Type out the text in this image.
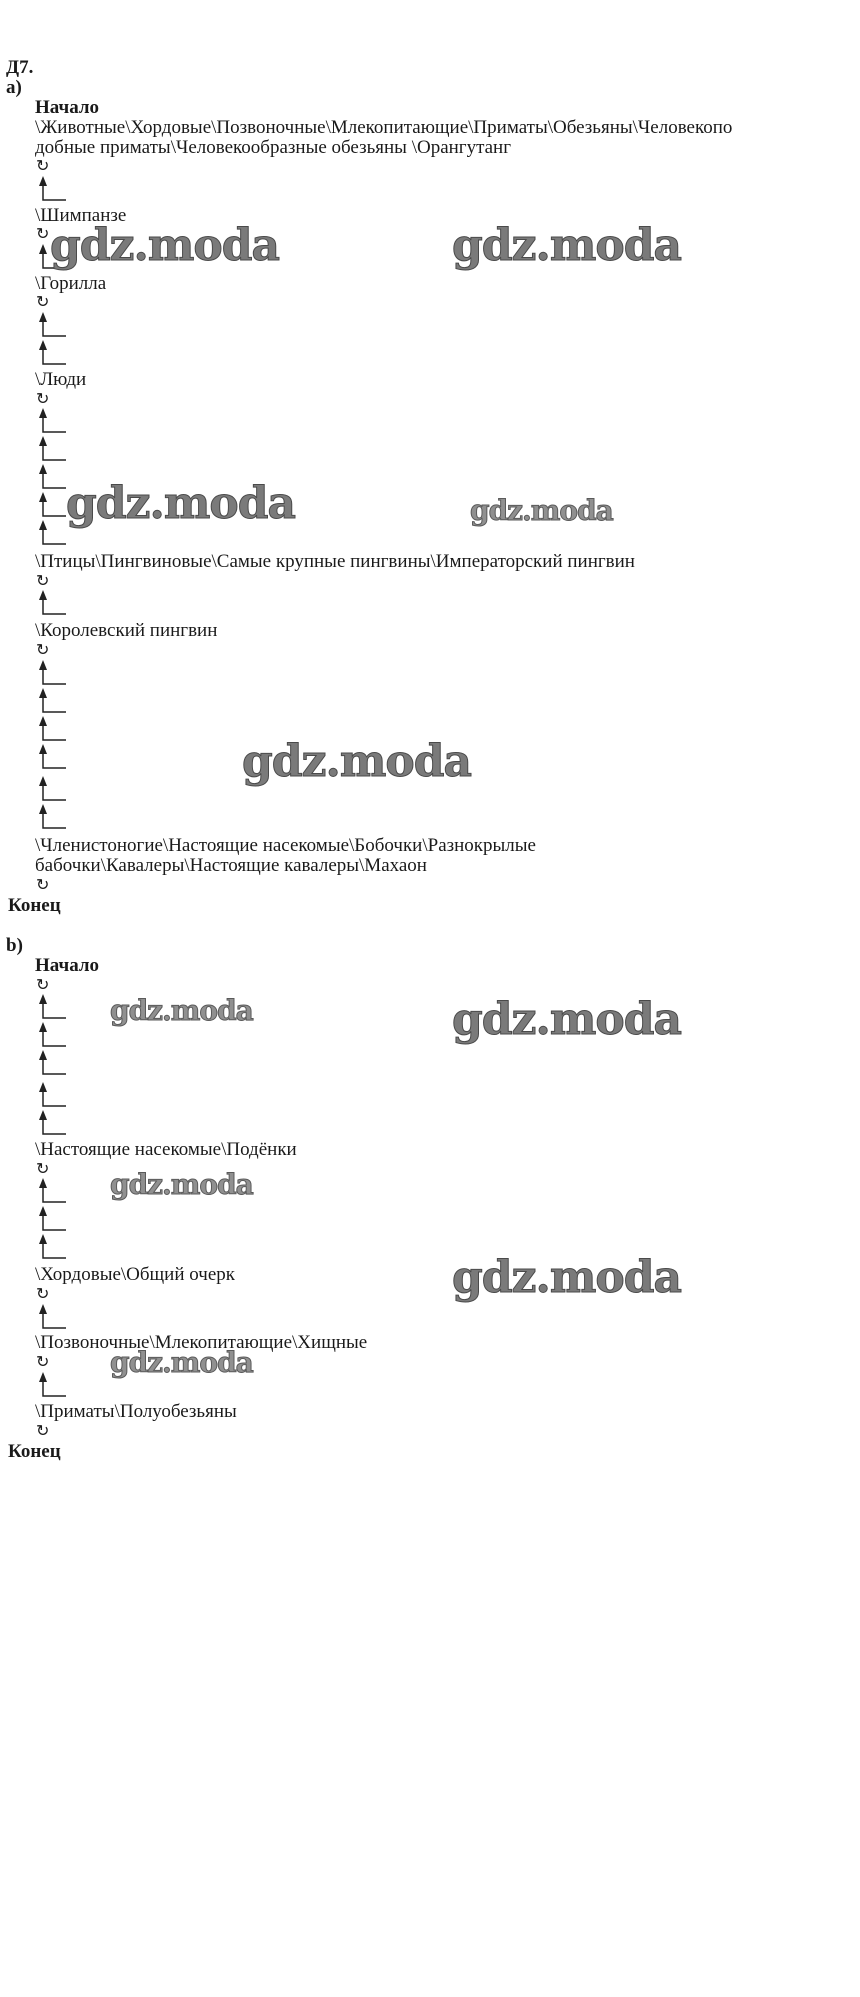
Д7.
а)
Начало
\Животные\Хордовые\Позвоночные\Млекопитающие\Приматы\Обезьяны\Человекопо
добные приматы\Человекообразные обезьяны \Орангутанг
↻
\Шимпанзе
↻
\Горилла
↻
\Люди
↻
\Птицы\Пингвиновые\Самые крупные пингвины\Императорский пингвин
↻
\Королевский пингвин
↻
\Членистоногие\Настоящие насекомые\Бобочки\Разнокрылые
бабочки\Кавалеры\Настоящие кавалеры\Махаон
↻
Конец
b)
Начало
↻
\Настоящие насекомые\Подёнки
↻
\Хордовые\Общий очерк
↻
\Позвоночные\Млекопитающие\Хищные
↻
\Приматы\Полуобезьяны
↻
Конец
gdz.moda	gdz.moda
gdz.moda	gdz.moda
gdz.moda
gdz.moda	gdz.moda
gdz.moda
gdz.moda
gdz.moda
